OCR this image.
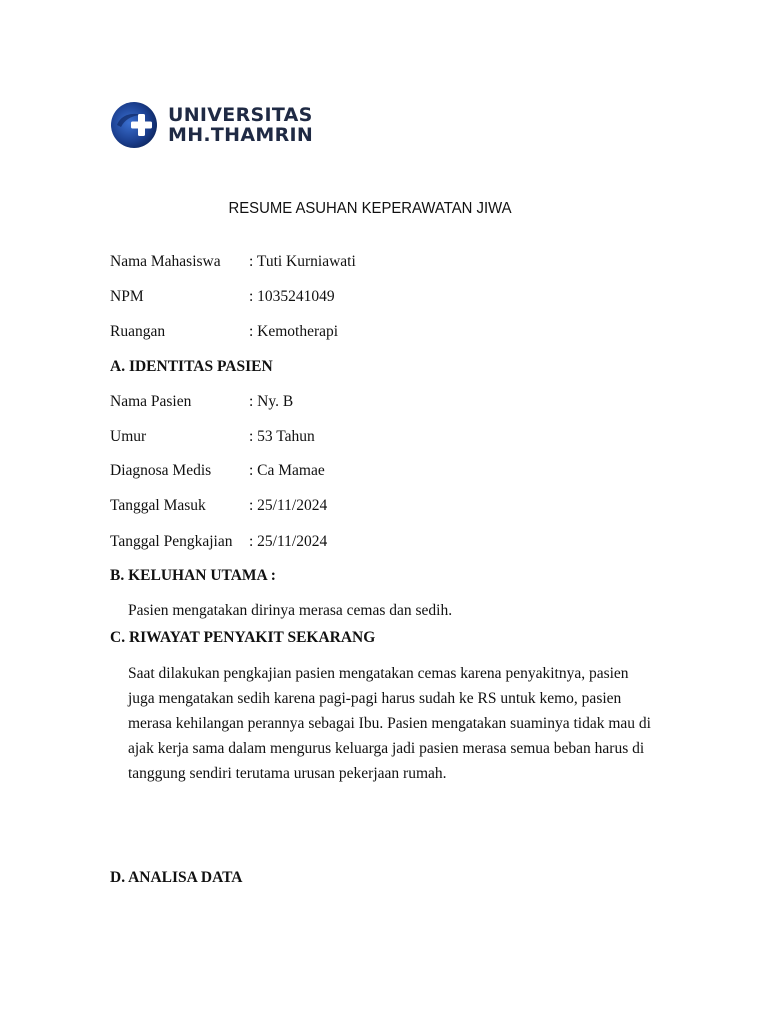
UNIVERSITAS
MH.THAMRIN
RESUME ASUHAN KEPERAWATAN JIWA
Nama Mahasiswa : Tuti Kurniawati
NPM	: 1035241049
Ruangan	: Kemotherapi
A. IDENTITAS PASIEN
Nama Pasien	: Ny. B
Umur	: 53 Tahun
Diagnosa Medis : Ca Mamae
Tanggal Masuk	: 25/11/2024
Tanggal Pengkajian : 25/11/2024
B. KELUHAN UTAMA :
Pasien mengatakan dirinya merasa cemas dan sedih.
C. RIWAYAT PENYAKIT SEKARANG
Saat dilakukan pengkajian pasien mengatakan cemas karena penyakitnya, pasien
juga mengatakan sedih karena pagi-pagi harus sudah ke RS untuk kemo, pasien
merasa kehilangan perannya sebagai Ibu. Pasien mengatakan suaminya tidak mau di
ajak kerja sama dalam mengurus keluarga jadi pasien merasa semua beban harus di
tanggung sendiri terutama urusan pekerjaan rumah.
D. ANALISA DATA
